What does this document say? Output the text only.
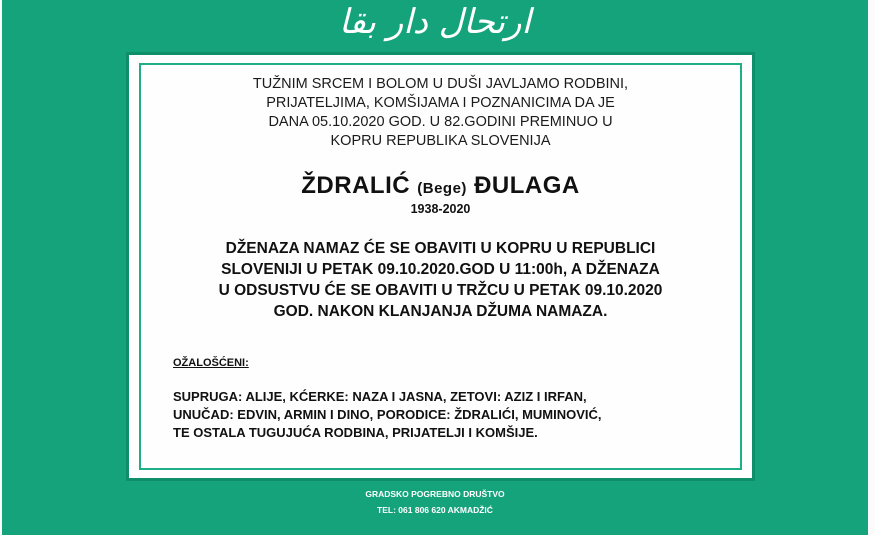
ارتحال دار بقا
TUŽNIM SRCEM I BOLOM U DUŠI JAVLJAMO RODBINI,
PRIJATELJIMA, KOMŠIJAMA I POZNANICIMA DA JE
DANA 05.10.2020 GOD. U 82.GODINI PREMINUO U
KOPRU REPUBLIKA SLOVENIJA
ŽDRALIĆ (Bege) ĐULAGA
1938-2020
DŽENAZA NAMAZ ĆE SE OBAVITI U KOPRU U REPUBLICI
SLOVENIJI U PETAK 09.10.2020.GOD U 11:00h, A DŽENAZA
U ODSUSTVU ĆE SE OBAVITI U TRŽCU U PETAK 09.10.2020
GOD. NAKON KLANJANJA DŽUMA NAMAZA.
OŽALOŠĆENI:
SUPRUGA: ALIJE, KĆERKE: NAZA I JASNA, ZETOVI: AZIZ I IRFAN,
UNUČAD: EDVIN, ARMIN I DINO, PORODICE: ŽDRALIĆI, MUMINOVIĆ,
TE OSTALA TUGUJUĆA RODBINA, PRIJATELJI I KOMŠIJE.
GRADSKO POGREBNO DRUŠTVO
TEL: 061 806 620 AKMADŽIĆ
